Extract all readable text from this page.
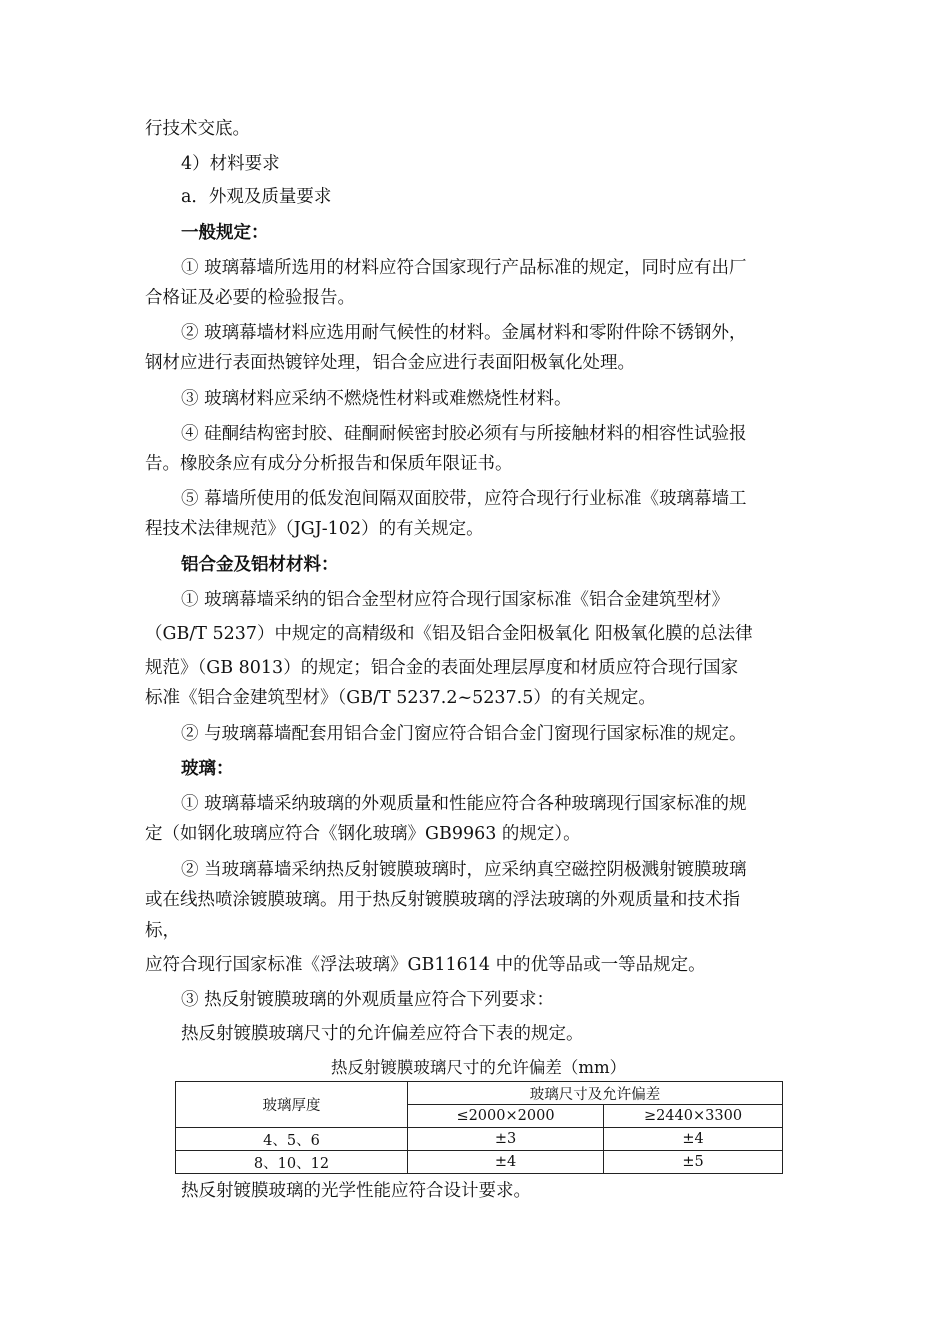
行技术交底。
4）材料要求
a．外观及质量要求
一般规定：
① 玻璃幕墙所选用的材料应符合国家现行产品标准的规定，同时应有出厂
合格证及必要的检验报告。
② 玻璃幕墙材料应选用耐气候性的材料。金属材料和零附件除不锈钢外，
钢材应进行表面热镀锌处理，铝合金应进行表面阳极氧化处理。
③ 玻璃材料应采纳不燃烧性材料或难燃烧性材料。
④ 硅酮结构密封胶、硅酮耐候密封胶必须有与所接触材料的相容性试验报
告。橡胶条应有成分分析报告和保质年限证书。
⑤ 幕墙所使用的低发泡间隔双面胶带，应符合现行行业标准《玻璃幕墙工
程技术法律规范》（JGJ-102）的有关规定。
铝合金及铝材材料：
① 玻璃幕墙采纳的铝合金型材应符合现行国家标准《铝合金建筑型材》
（GB/T 5237）中规定的高精级和《铝及铝合金阳极氧化 阳极氧化膜的总法律
规范》（GB 8013）的规定；铝合金的表面处理层厚度和材质应符合现行国家
标准《铝合金建筑型材》（GB/T 5237.2~5237.5）的有关规定。
② 与玻璃幕墙配套用铝合金门窗应符合铝合金门窗现行国家标准的规定。
玻璃：
① 玻璃幕墙采纳玻璃的外观质量和性能应符合各种玻璃现行国家标准的规
定（如钢化玻璃应符合《钢化玻璃》GB9963 的规定）。
② 当玻璃幕墙采纳热反射镀膜玻璃时，应采纳真空磁控阴极溅射镀膜玻璃
或在线热喷涂镀膜玻璃。用于热反射镀膜玻璃的浮法玻璃的外观质量和技术指
标，
应符合现行国家标准《浮法玻璃》GB11614 中的优等品或一等品规定。
③ 热反射镀膜玻璃的外观质量应符合下列要求：
热反射镀膜玻璃尺寸的允许偏差应符合下表的规定。
热反射镀膜玻璃尺寸的允许偏差（mm）
玻璃厚度	玻璃尺寸及允许偏差	
	≤2000×2000	≥2440×3300
4、5、6	±3	±4
8、10、12	±4	±5
热反射镀膜玻璃的光学性能应符合设计要求。
